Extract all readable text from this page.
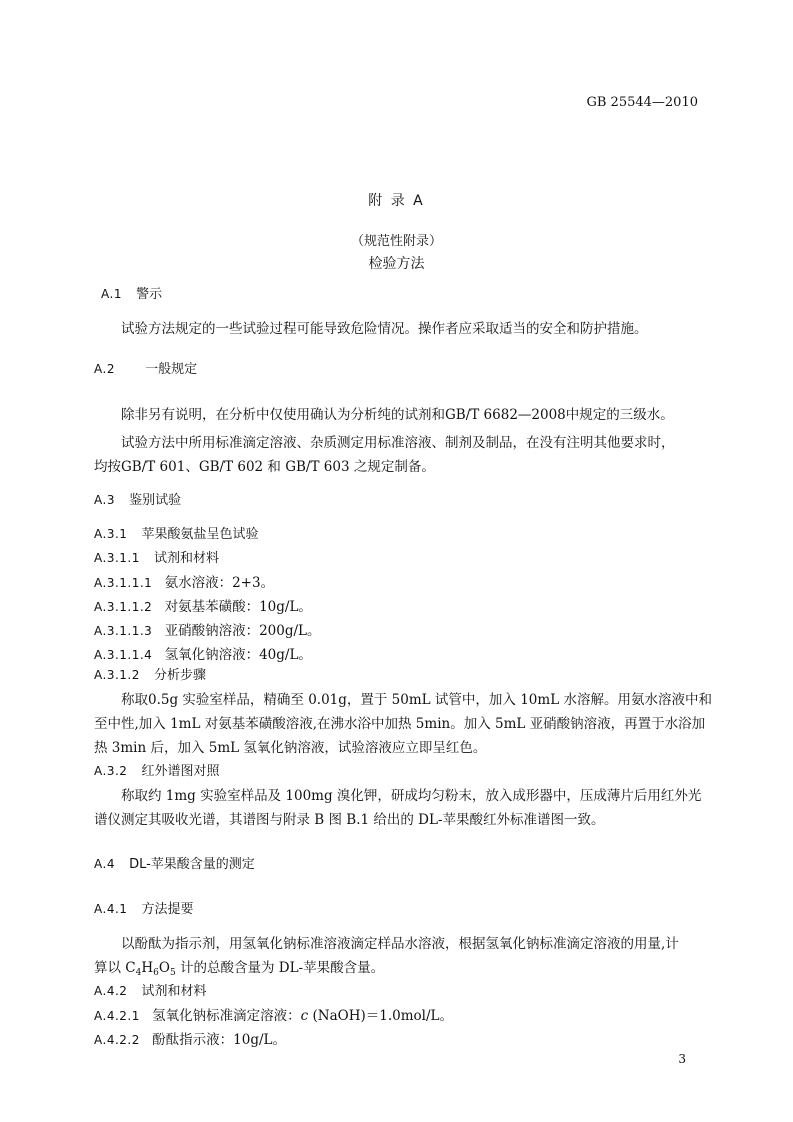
GB 25544—2010
附 录 A
（规范性附录）
检验方法
A.1 警示
试验方法规定的一些试验过程可能导致危险情况。操作者应采取适当的安全和防护措施。
A.2 一般规定
除非另有说明，在分析中仅使用确认为分析纯的试剂和GB/T 6682—2008中规定的三级水。
试验方法中所用标准滴定溶液、杂质测定用标准溶液、制剂及制品，在没有注明其他要求时，
均按GB/T 601、GB/T 602 和 GB/T 603 之规定制备。
A.3 鉴别试验
A.3.1 苹果酸氨盐呈色试验
A.3.1.1 试剂和材料
A.3.1.1.1 氨水溶液：2+3。
A.3.1.1.2 对氨基苯磺酸：10g/L。
A.3.1.1.3 亚硝酸钠溶液：200g/L。
A.3.1.1.4 氢氧化钠溶液：40g/L。
A.3.1.2 分析步骤
称取0.5g 实验室样品，精确至 0.01g，置于 50mL 试管中，加入 10mL 水溶解。用氨水溶液中和
至中性,加入 1mL 对氨基苯磺酸溶液,在沸水浴中加热 5min。加入 5mL 亚硝酸钠溶液，再置于水浴加
热 3min 后，加入 5mL 氢氧化钠溶液，试验溶液应立即呈红色。
A.3.2 红外谱图对照
称取约 1mg 实验室样品及 100mg 溴化钾，研成均匀粉末，放入成形器中，压成薄片后用红外光
谱仪测定其吸收光谱，其谱图与附录 B 图 B.1 给出的 DL-苹果酸红外标准谱图一致。
A.4 DL-苹果酸含量的测定
A.4.1 方法提要
以酚酞为指示剂，用氢氧化钠标准溶液滴定样品水溶液，根据氢氧化钠标准滴定溶液的用量,计
算以 $C_4H_6O_5$ 计的总酸含量为 DL-苹果酸含量。
A.4.2 试剂和材料
A.4.2.1 氢氧化钠标准滴定溶液：c (NaOH)＝1.0mol/L。
A.4.2.2 酚酞指示液：10g/L。
3
